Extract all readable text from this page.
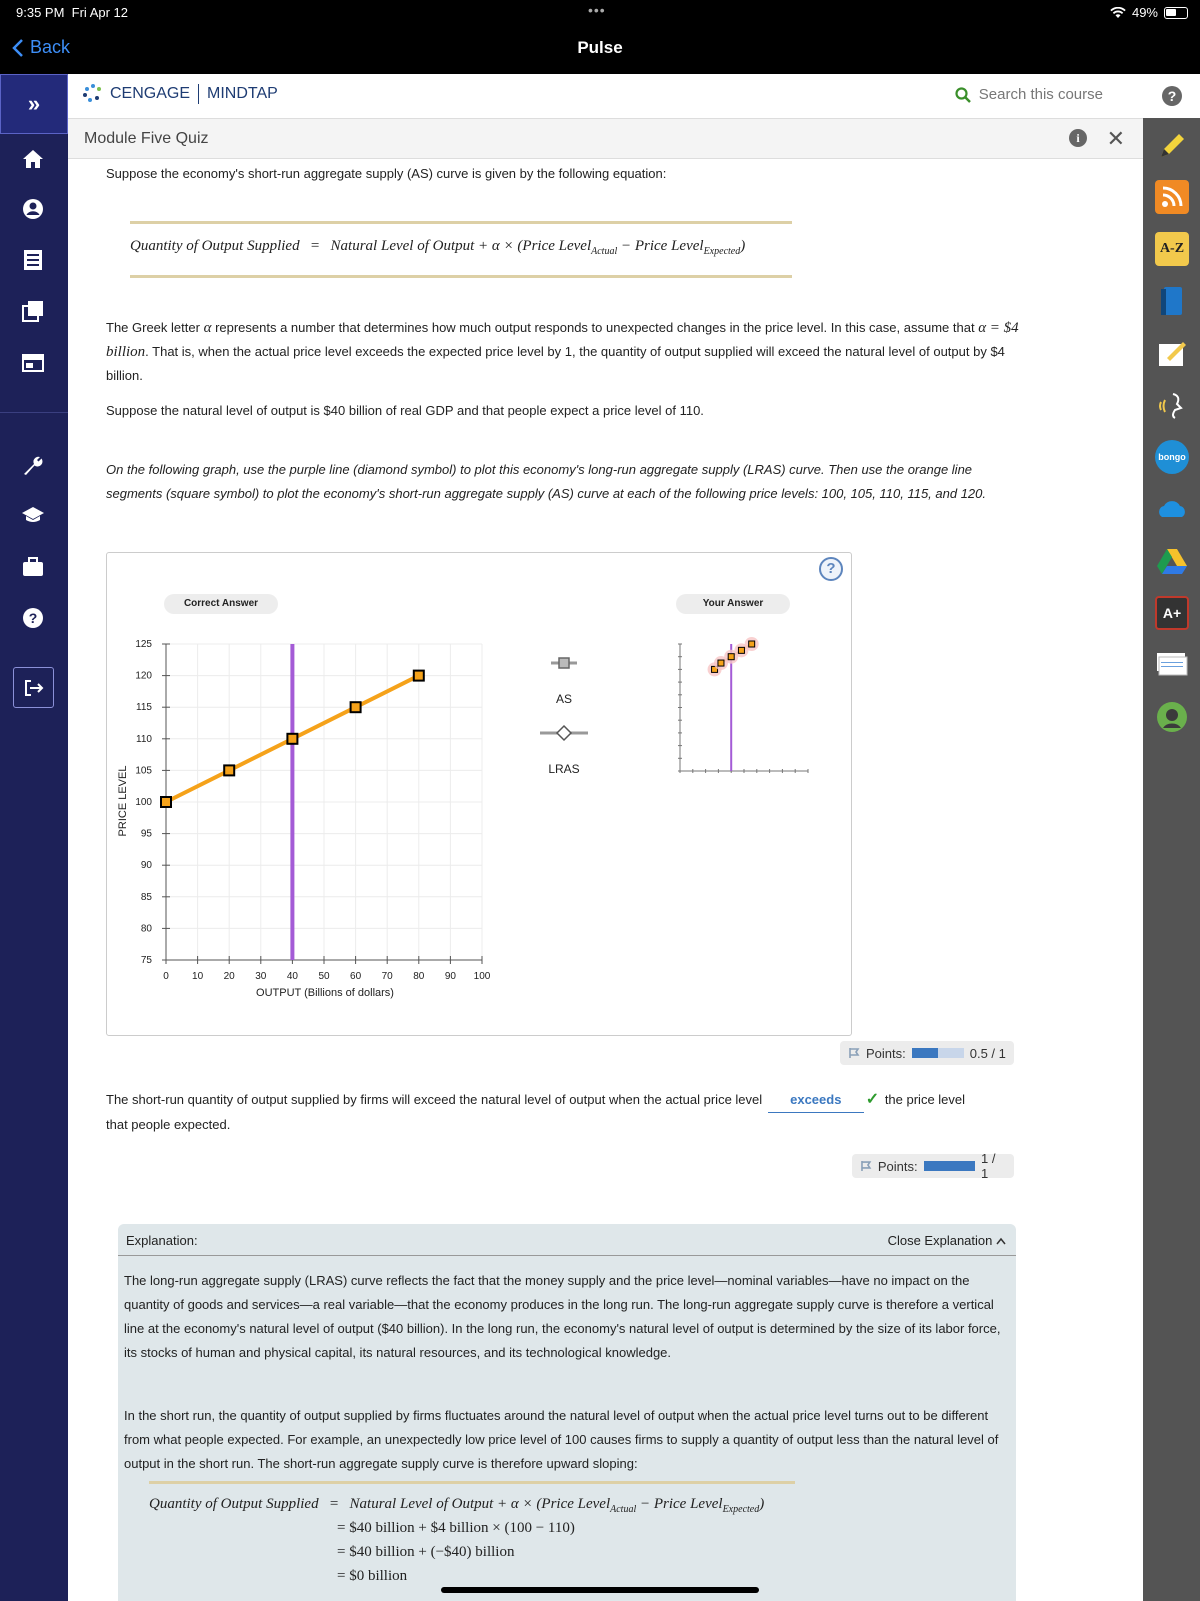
9:35 PM Fri Apr 12	•••	49%
Back	Pulse
»
?
?
A-Z
bongo
A+
CENGAGE MINDTAP	Search this course
Module Five Quiz	i	✕
Suppose the economy's short-run aggregate supply (AS) curve is given by the following equation:
Quantity of Output Supplied = Natural Level of Output + α × (Price Level$_{Actual}$ − Price Level$_{Expected}$)
The Greek letter α represents a number that determines how much output responds to unexpected changes in the price level. In this case, assume that α = $4 billion. That is, when the actual price level exceeds the expected price level by 1, the quantity of output supplied will exceed the natural level of output by $4 billion.
Suppose the natural level of output is $40 billion of real GDP and that people expect a price level of 110.
On the following graph, use the purple line (diamond symbol) to plot this economy's long-run aggregate supply (LRAS) curve. Then use the orange line segments (square symbol) to plot the economy's short-run aggregate supply (AS) curve at each of the following price levels: 100, 105, 110, 115, and 120.
?
Correct Answer	Your Answer
75
80
85
90
95
100
105
110
115
120
125
0 10 20 30 40 50 60 70 80 90 100
PRICE LEVEL
OUTPUT (Billions of dollars)
AS
LRAS
Points:	0.5 / 1
The short-run quantity of output supplied by firms will exceed the natural level of output when the actual price level exceeds ✓ the price level
that people expected.
Points:	1 / 1
Explanation:	Close Explanation
The long-run aggregate supply (LRAS) curve reflects the fact that the money supply and the price level—nominal variables—have no impact on the quantity of goods and services—a real variable—that the economy produces in the long run. The long-run aggregate supply curve is therefore a vertical line at the economy's natural level of output ($40 billion). In the long run, the economy's natural level of output is determined by the size of its labor force, its stocks of human and physical capital, its natural resources, and its technological knowledge.
In the short run, the quantity of output supplied by firms fluctuates around the natural level of output when the actual price level turns out to be different from what people expected. For example, an unexpectedly low price level of 100 causes firms to supply a quantity of output less than the natural level of output in the short run. The short-run aggregate supply curve is therefore upward sloping:
Quantity of Output Supplied = Natural Level of Output + α × (Price Level$_{Actual}$ − Price Level$_{Expected}$)
= $40 billion + $4 billion × (100 − 110)
= $40 billion + (−$40) billion
= $0 billion
